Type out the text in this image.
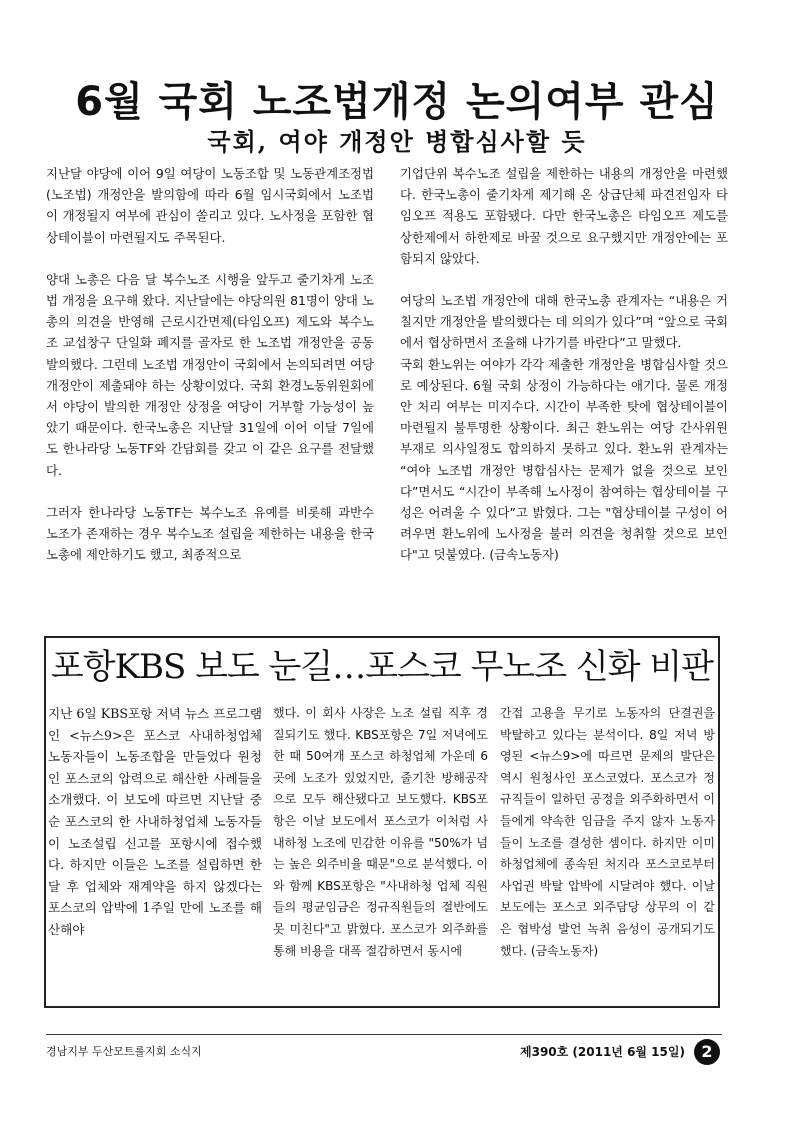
6월 국회 노조법개정 논의여부 관심
국회, 여야 개정안 병합심사할 듯

지난달 야당에 이어 9일 여당이 노동조합 및 노동관계조정법(노조법) 개정안을 발의함에 따라 6월 임시국회에서 노조법이 개정될지 여부에 관심이 쏠리고 있다. 노사정을 포함한 협상테이블이 마련될지도 주목된다.

양대 노총은 다음 달 복수노조 시행을 앞두고 줄기차게 노조법 개정을 요구해 왔다. 지난달에는 야당의원 81명이 양대 노총의 의견을 반영해 근로시간면제(타임오프) 제도와 복수노조 교섭창구 단일화 폐지를 골자로 한 노조법 개정안을 공동발의했다. 그런데 노조법 개정안이 국회에서 논의되려면 여당 개정안이 제출돼야 하는 상황이었다. 국회 환경노동위원회에서 야당이 발의한 개정안 상정을 여당이 거부할 가능성이 높았기 때문이다. 한국노총은 지난달 31일에 이어 이달 7일에도 한나라당 노동TF와 간담회를 갖고 이 같은 요구를 전달했다.

그러자 한나라당 노동TF는 복수노조 유예를 비롯해 과반수 노조가 존재하는 경우 복수노조 설립을 제한하는 내용을 한국노총에 제안하기도 했고, 최종적으로

기업단위 복수노조 설립을 제한하는 내용의 개정안을 마련했다. 한국노총이 줄기차게 제기해 온 상급단체 파견전임자 타임오프 적용도 포함됐다. 다만 한국노총은 타임오프 제도를 상한제에서 하한제로 바꿀 것으로 요구했지만 개정안에는 포함되지 않았다.

여당의 노조법 개정안에 대해 한국노총 관계자는 “내용은 거칠지만 개정안을 발의했다는 데 의의가 있다”며 “앞으로 국회에서 협상하면서 조율해 나가기를 바란다”고 말했다.

국회 환노위는 여야가 각각 제출한 개정안을 병합심사할 것으로 예상된다. 6월 국회 상정이 가능하다는 애기다. 물론 개정안 처리 여부는 미지수다. 시간이 부족한 탓에 협상테이블이 마련될지 불투명한 상황이다. 최근 환노위는 여당 간사위원 부재로 의사일정도 합의하지 못하고 있다. 환노위 관계자는 “여야 노조법 개정안 병합심사는 문제가 없을 것으로 보인다”면서도 “시간이 부족해 노사정이 참여하는 협상테이블 구성은 어려울 수 있다”고 밝혔다. 그는 "협상테이블 구성이 어려우면 환노위에 노사정을 불러 의견을 청취할 것으로 보인다"고 덧붙였다. (금속노동자)

포항KBS 보도 눈길…포스코 무노조 신화 비판

지난 6일 KBS포항 저녁 뉴스 프로그램인 <뉴스9>은 포스코 사내하청업체 노동자들이 노동조합을 만들었다 원청인 포스코의 압력으로 해산한 사례들을 소개했다. 이 보도에 따르면 지난달 중순 포스코의 한 사내하청업체 노동자들이 노조설립 신고를 포항시에 접수했다. 하지만 이들은 노조를 설립하면 한 달 후 업체와 재계약을 하지 않겠다는 포스코의 압박에 1주일 만에 노조를 해산해야

했다. 이 회사 사장은 노조 설립 직후 경질되기도 했다. KBS포항은 7일 저녁에도 한 때 50여개 포스코 하청업체 가운데 6곳에 노조가 있었지만, 줄기찬 방해공작으로 모두 해산됐다고 보도했다. KBS포항은 이날 보도에서 포스코가 이처럼 사내하청 노조에 민감한 이유를 "50%가 넘는 높은 외주비율 때문"으로 분석했다. 이와 함께 KBS포항은 "사내하청 업체 직원들의 평균임금은 정규직원들의 절반에도 못 미친다"고 밝혔다. 포스코가 외주화를 통해 비용을 대폭 절감하면서 동시에

간접 고용을 무기로 노동자의 단결권을 박탈하고 있다는 분석이다. 8일 저녁 방영된 <뉴스9>에 따르면 문제의 발단은 역시 원청사인 포스코였다. 포스코가 정규직들이 일하던 공정을 외주화하면서 이들에게 약속한 임금을 주지 않자 노동자들이 노조를 결성한 셈이다. 하지만 이미 하청업체에 종속된 처지라 포스코로부터 사업권 박탈 압박에 시달려야 했다. 이날 보도에는 포스코 외주담당 상무의 이 같은 협박성 발언 녹취 음성이 공개되기도 했다. (금속노동자)

경남지부 두산모트롤지회 소식지	제390호 (2011년 6월 15일)	2
